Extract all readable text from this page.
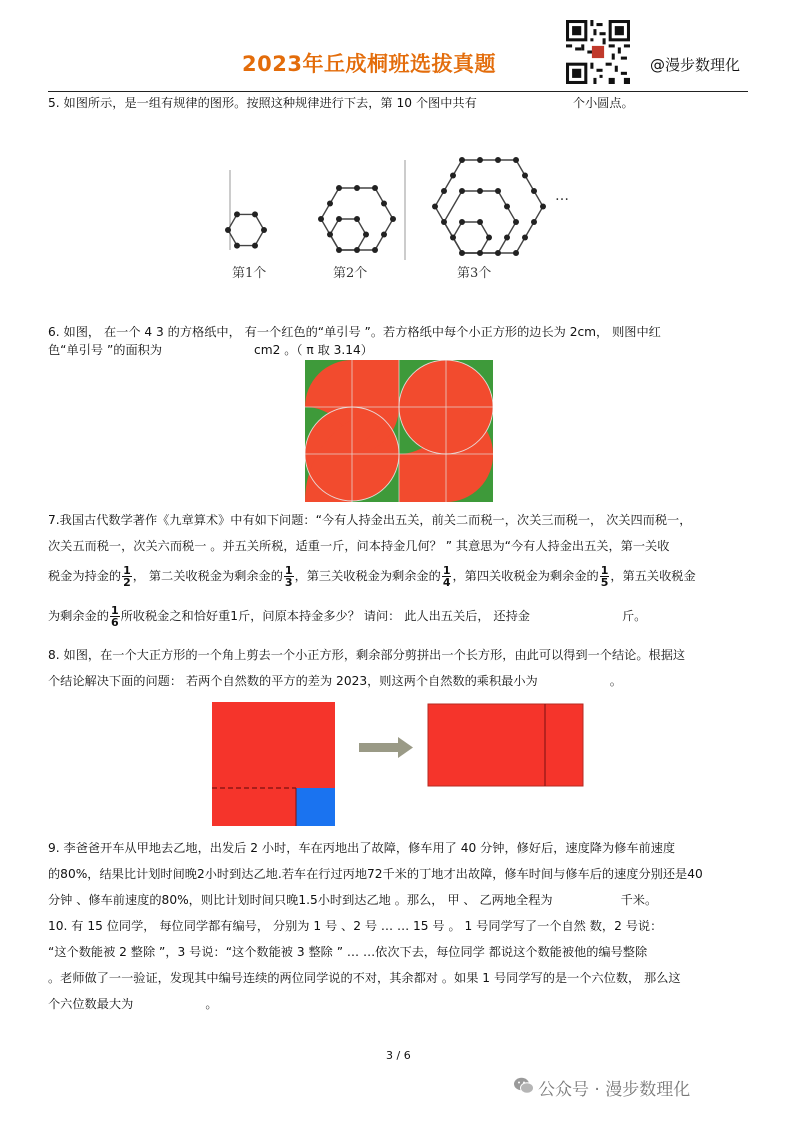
2023年丘成桐班选拔真题	@漫步数理化
5. 如图所示，是一组有规律的图形。按照这种规律进行下去，第 10 个图中共有	个小圆点。
第1个	第2个	第3个
…
6. 如图， 在一个 4 3 的方格纸中， 有一个红色的“单引号 ”。若方格纸中每个小正方形的边长为 2cm， 则图中红
色“单引号 ”的面积为	cm2 。（ π 取 3.14）
7.我国古代数学著作《九章算术》中有如下问题：“今有人持金出五关，前关二而税一，次关三而税一， 次关四而税一，
次关五而税一，次关六而税一 。并五关所税，适重一斤，问本持金几何？ ” 其意思为“今有人持金出五关，第一关收
税金为持金的 $\frac{1}{2}$ ， 第二关收税金为剩余金的 $\frac{1}{3}$ ，第三关收税金为剩余金的 $\frac{1}{4}$ ，第四关收税金为剩余金的 $\frac{1}{5}$ ，第五关收税金
为剩余金的 $\frac{1}{6}$ 所收税金之和恰好重1斤，问原本持金多少？ 请问： 此人出五关后， 还持金	斤。
8. 如图，在一个大正方形的一个角上剪去一个小正方形，剩余部分剪拼出一个长方形，由此可以得到一个结论。根据这
个结论解决下面的问题： 若两个自然数的平方的差为 2023，则这两个自然数的乘积最小为	。
9. 李爸爸开车从甲地去乙地，出发后 2 小时，车在丙地出了故障，修车用了 40 分钟，修好后，速度降为修车前速度
的80%，结果比计划时间晚2小时到达乙地.若车在行过丙地72千米的丁地才出故障，修车时间与修车后的速度分别还是40
分钟 、修车前速度的80%，则比计划时间只晚1.5小时到达乙地 。那么， 甲 、 乙两地全程为	千米。
10. 有 15 位同学， 每位同学都有编号， 分别为 1 号 、2 号 … … 15 号 。 1 号同学写了一个自然 数，2 号说：
“这个数能被 2 整除 ”，3 号说：“这个数能被 3 整除 ” … …依次下去，每位同学 都说这个数能被他的编号整除
。老师做了一一验证，发现其中编号连续的两位同学说的不对，其余都对 。如果 1 号同学写的是一个六位数， 那么这
个六位数最大为	。
3 / 6
公众号 · 漫步数理化
